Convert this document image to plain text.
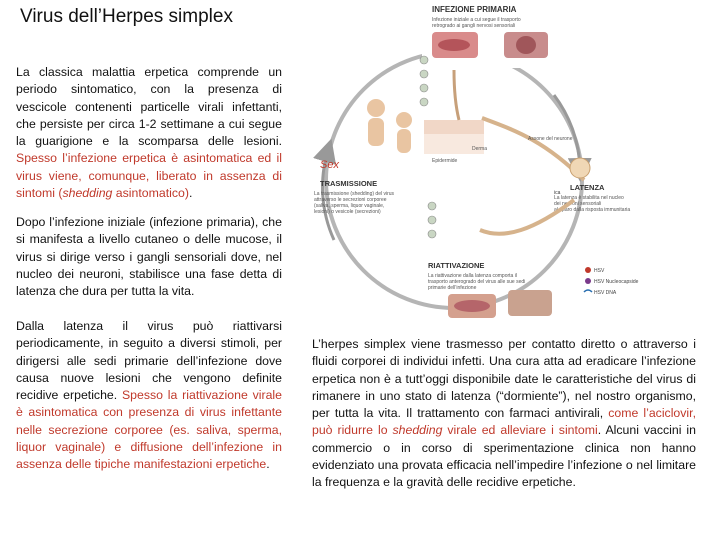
Virus dell’Herpes simplex
La classica malattia erpetica comprende un periodo sintomatico, con la presenza di vescicole contenenti particelle virali infettanti, che persiste per circa 1-2 settimane a cui segue la guarigione e la scomparsa delle lesioni. Spesso l’infezione erpetica è asintomatica ed il virus viene, comunque, liberato in assenza di sintomi (shedding asintomatico).
Dopo l’infezione iniziale (infezione primaria), che si manifesta a livello cutaneo o delle mucose, il virus si dirige verso i gangli sensoriali dove, nel nucleo dei neuroni, stabilisce una fase detta di latenza che dura per tutta la vita.
Dalla latenza il virus può riattivarsi periodicamente, in seguito a diversi stimoli, per dirigersi alle sedi primarie dell’infezione dove causa nuove lesioni che vengono definite recidive erpetiche. Spesso la riattivazione virale è asintomatica con presenza di virus infettante nelle secrezione corporee (es. saliva, sperma, liquor vaginale) e diffusione dell’infezione in assenza delle tipiche manifestazioni erpetiche.
L’herpes simplex viene trasmesso per contatto diretto o attraverso i fluidi corporei di individui infetti. Una cura atta ad eradicare l’infezione erpetica non è a tutt’oggi disponibile date le caratteristiche del virus di rimanere in uno stato di latenza (“dormiente”), nel nostro organismo, per tutta la vita. Il trattamento con farmaci antivirali, come l’aciclovir, può ridurre lo shedding virale ed alleviare i sintomi. Alcuni vaccini in commercio o in corso di sperimentazione clinica non hanno evidenziato una provata efficacia nell’impedire l’infezione o nel limitare la frequenza e la gravità delle recidive erpetiche.
INFEZIONE PRIMARIA
Infezione iniziale a cui segue il trasporto
retrogrado ai gangli nervosi sensoriali
Assone del neurone
Derma
Epidermide
Sex
TRASMISSIONE
La trasmissione (shedding) del virus
attraverso le secrezioni corporee
(saliva, sperma, liquor vaginale,
lesioni) o vesicole (secrezioni)
ica
LATENZA
La latenza è stabilita nel nucleo
dei neuroni sensoriali
al riparo dalla risposta immunitaria
RIATTIVAZIONE
La riattivazione dalla latenza comporta il
trasporto anterogrado del virus alle sue sedi
primarie dell’infezione
HSV
HSV Nucleocapside
HSV DNA
